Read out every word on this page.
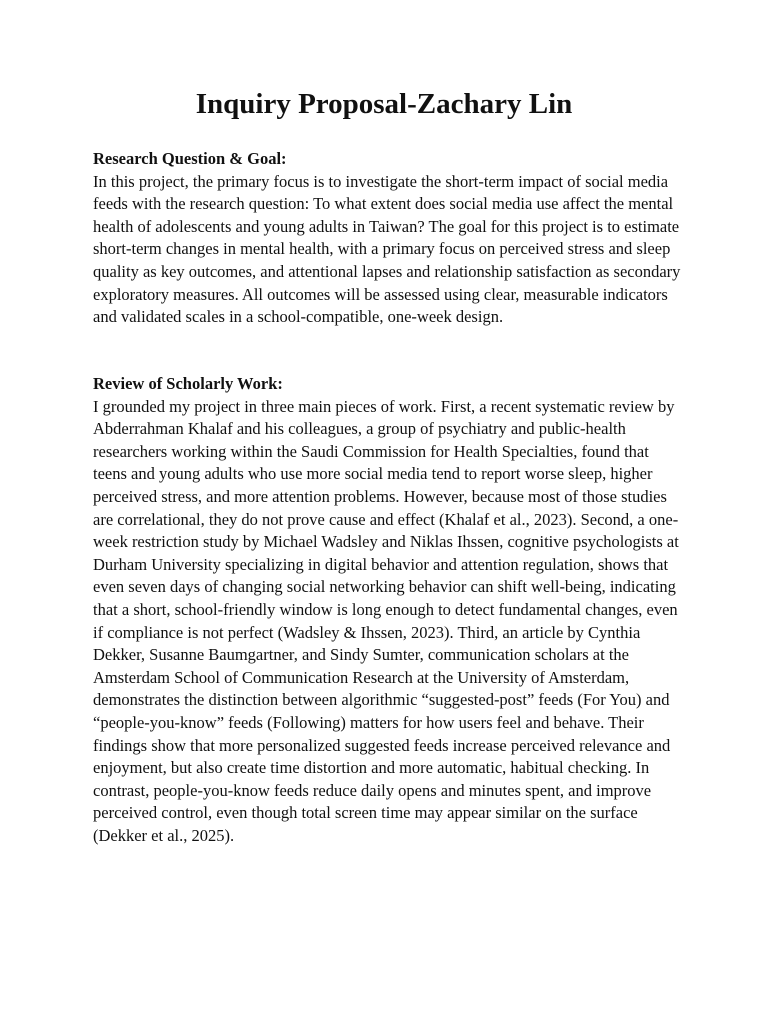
Inquiry Proposal-Zachary Lin

Research Question & Goal:

In this project, the primary focus is to investigate the short-term impact of social media feeds with the research question: To what extent does social media use affect the mental health of adolescents and young adults in Taiwan? The goal for this project is to estimate short-term changes in mental health, with a primary focus on perceived stress and sleep quality as key outcomes, and attentional lapses and relationship satisfaction as secondary exploratory measures. All outcomes will be assessed using clear, measurable indicators and validated scales in a school-compatible, one-week design.

Review of Scholarly Work:

I grounded my project in three main pieces of work. First, a recent systematic review by Abderrahman Khalaf and his colleagues, a group of psychiatry and public-health researchers working within the Saudi Commission for Health Specialties, found that teens and young adults who use more social media tend to report worse sleep, higher perceived stress, and more attention problems. However, because most of those studies are correlational, they do not prove cause and effect (Khalaf et al., 2023). Second, a one-week restriction study by Michael Wadsley and Niklas Ihssen, cognitive psychologists at Durham University specializing in digital behavior and attention regulation, shows that even seven days of changing social networking behavior can shift well-being, indicating that a short, school-friendly window is long enough to detect fundamental changes, even if compliance is not perfect (Wadsley & Ihssen, 2023). Third, an article by Cynthia Dekker, Susanne Baumgartner, and Sindy Sumter, communication scholars at the Amsterdam School of Communication Research at the University of Amsterdam, demonstrates the distinction between algorithmic “suggested-post” feeds (For You) and “people-you-know” feeds (Following) matters for how users feel and behave. Their findings show that more personalized suggested feeds increase perceived relevance and enjoyment, but also create time distortion and more automatic, habitual checking. In contrast, people-you-know feeds reduce daily opens and minutes spent, and improve perceived control, even though total screen time may appear similar on the surface (Dekker et al., 2025).
